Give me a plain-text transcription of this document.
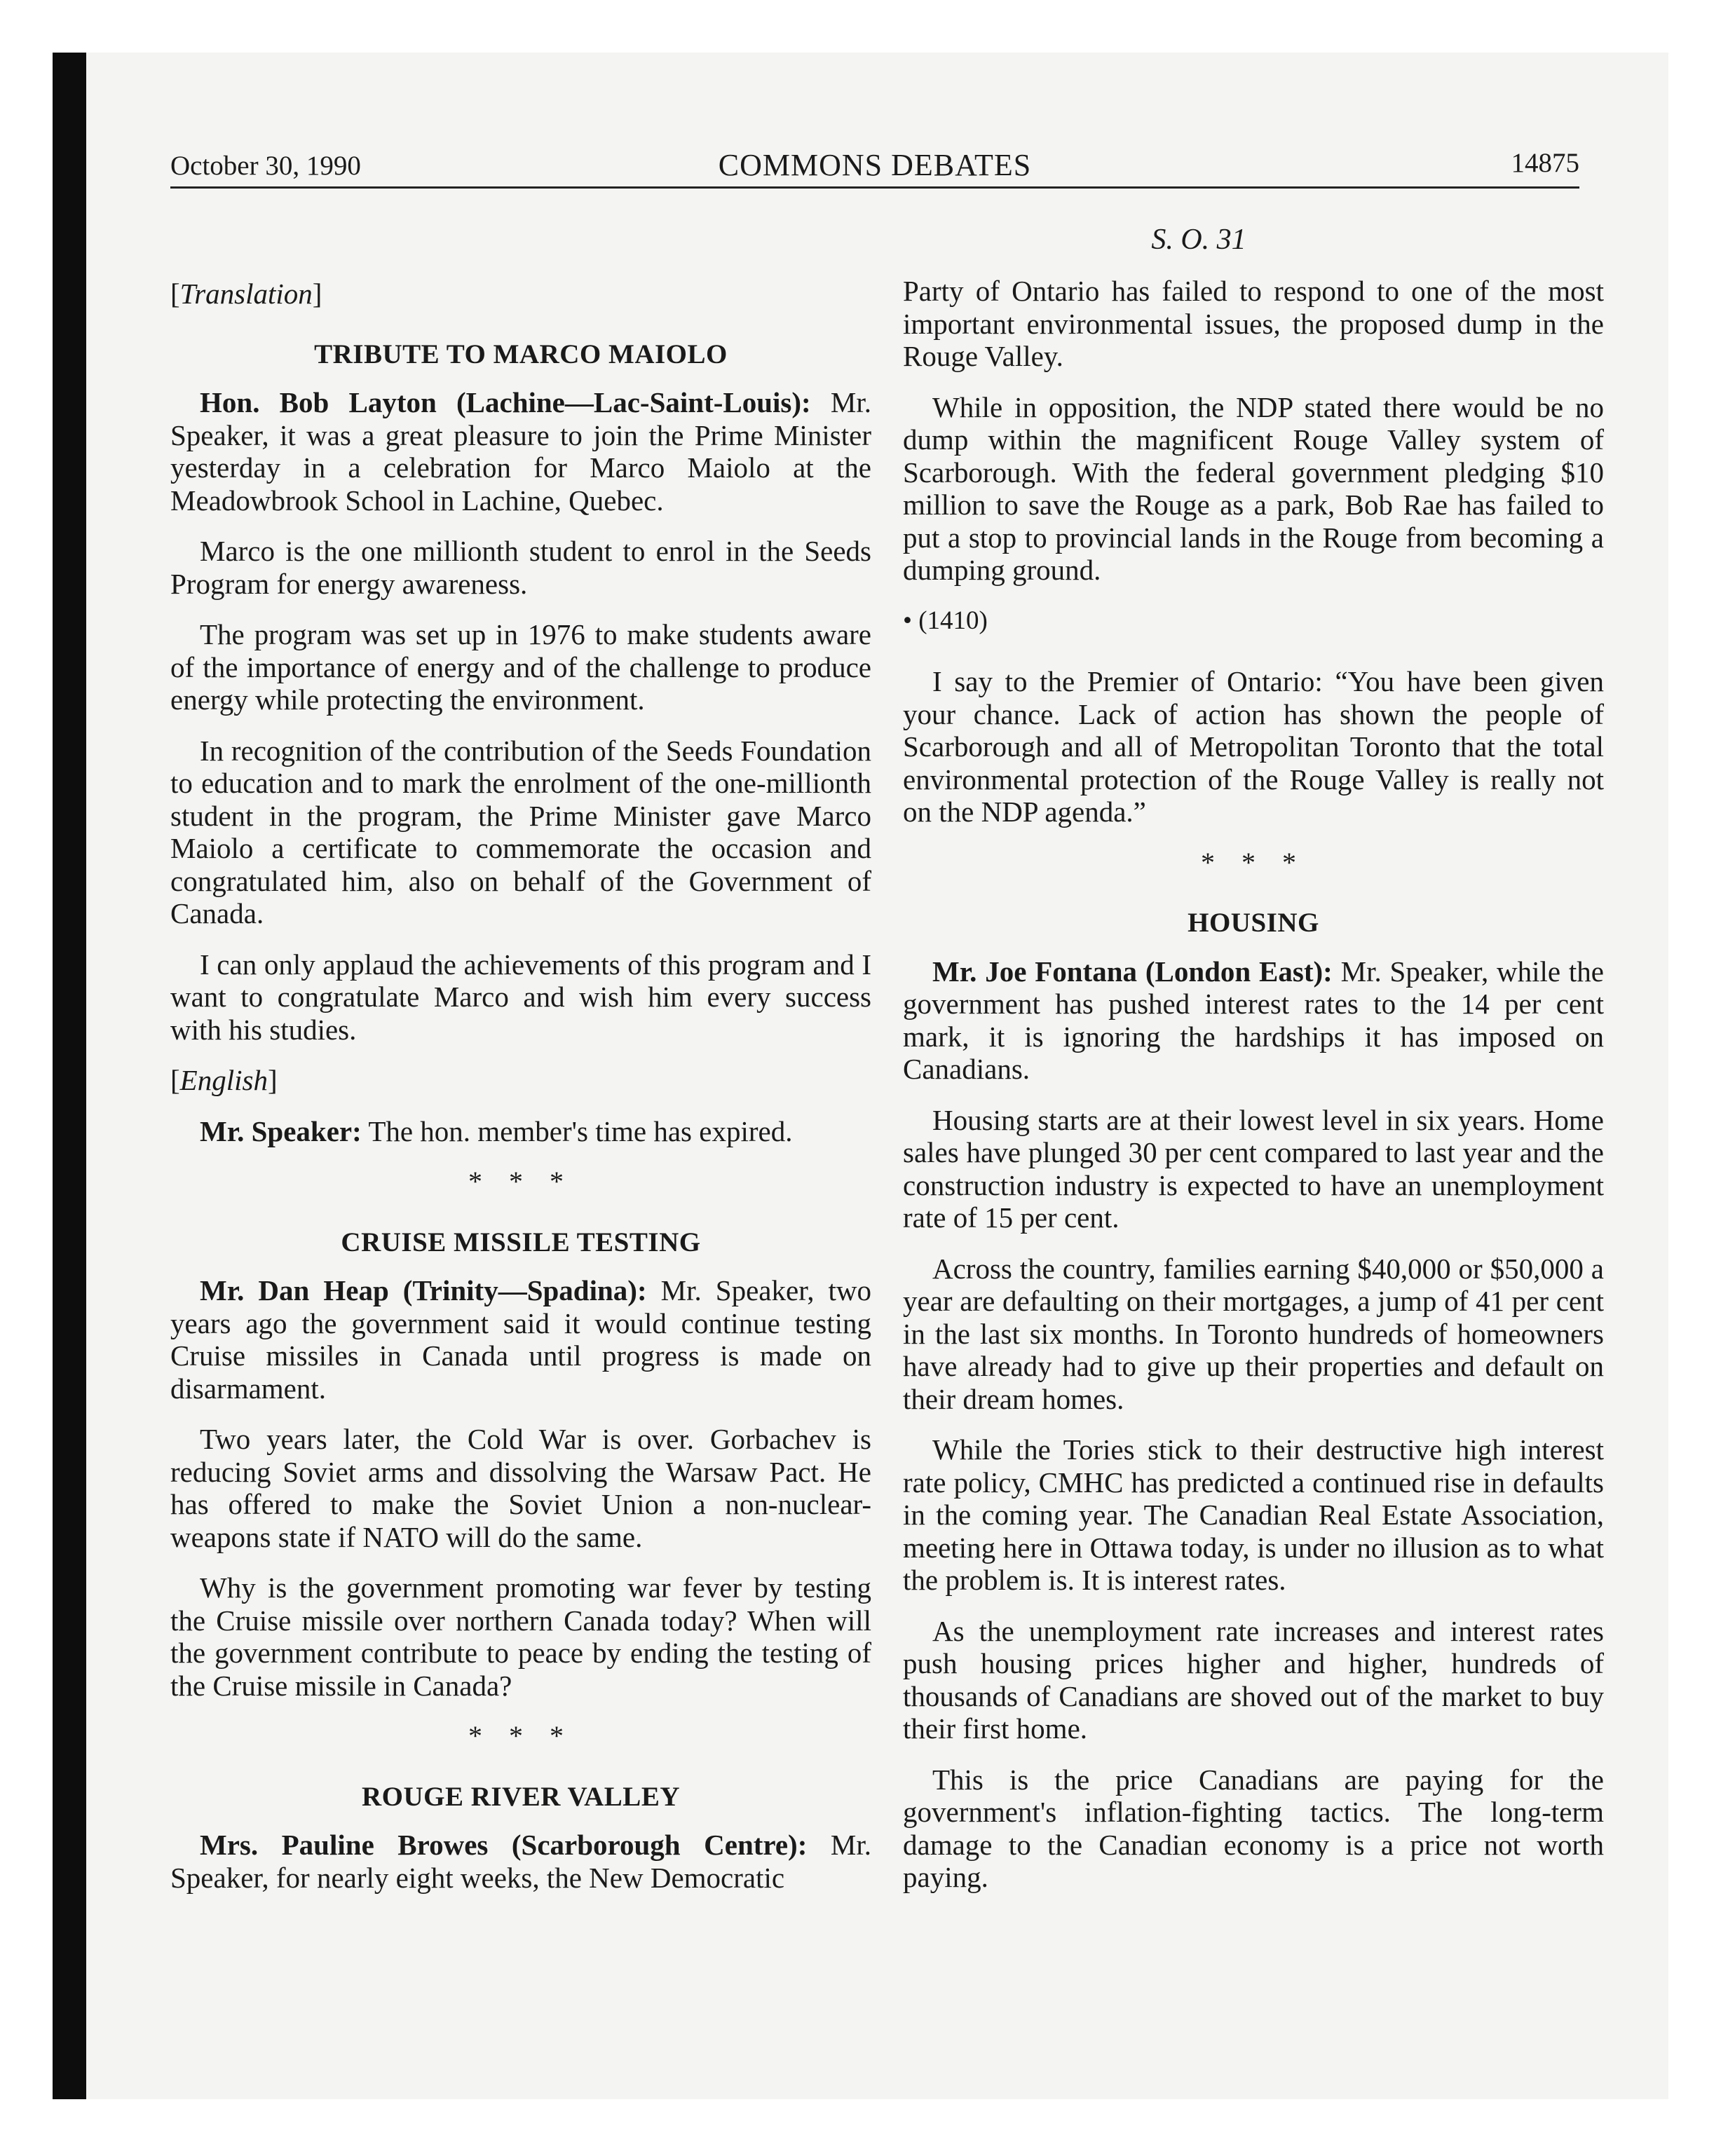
October 30, 1990	COMMONS DEBATES	14875
S. O. 31

[Translation]

TRIBUTE TO MARCO MAIOLO

Hon. Bob Layton (Lachine—Lac-Saint-Louis): Mr. Speaker, it was a great pleasure to join the Prime Minister yesterday in a celebration for Marco Maiolo at the Meadowbrook School in Lachine, Quebec.

Marco is the one millionth student to enrol in the Seeds Program for energy awareness.

The program was set up in 1976 to make students aware of the importance of energy and of the challenge to produce energy while protecting the environment.

In recognition of the contribution of the Seeds Foundation to education and to mark the enrolment of the one-millionth student in the program, the Prime Minister gave Marco Maiolo a certificate to commemorate the occasion and congratulated him, also on behalf of the Government of Canada.

I can only applaud the achievements of this program and I want to congratulate Marco and wish him every success with his studies.

[English]

Mr. Speaker: The hon. member's time has expired.

* * *
CRUISE MISSILE TESTING

Mr. Dan Heap (Trinity—Spadina): Mr. Speaker, two years ago the government said it would continue testing Cruise missiles in Canada until progress is made on disarmament.

Two years later, the Cold War is over. Gorbachev is reducing Soviet arms and dissolving the Warsaw Pact. He has offered to make the Soviet Union a non-nuclear-weapons state if NATO will do the same.

Why is the government promoting war fever by testing the Cruise missile over northern Canada today? When will the government contribute to peace by ending the testing of the Cruise missile in Canada?

* * *
ROUGE RIVER VALLEY

Mrs. Pauline Browes (Scarborough Centre): Mr. Speaker, for nearly eight weeks, the New Democratic

Party of Ontario has failed to respond to one of the most important environmental issues, the proposed dump in the Rouge Valley.

While in opposition, the NDP stated there would be no dump within the magnificent Rouge Valley system of Scarborough. With the federal government pledging $10 million to save the Rouge as a park, Bob Rae has failed to put a stop to provincial lands in the Rouge from becoming a dumping ground.

• (1410)

I say to the Premier of Ontario: “You have been given your chance. Lack of action has shown the people of Scarborough and all of Metropolitan Toronto that the total environmental protection of the Rouge Valley is really not on the NDP agenda.”

* * *
HOUSING

Mr. Joe Fontana (London East): Mr. Speaker, while the government has pushed interest rates to the 14 per cent mark, it is ignoring the hardships it has imposed on Canadians.

Housing starts are at their lowest level in six years. Home sales have plunged 30 per cent compared to last year and the construction industry is expected to have an unemployment rate of 15 per cent.

Across the country, families earning $40,000 or $50,000 a year are defaulting on their mortgages, a jump of 41 per cent in the last six months. In Toronto hundreds of homeowners have already had to give up their properties and default on their dream homes.

While the Tories stick to their destructive high interest rate policy, CMHC has predicted a continued rise in defaults in the coming year. The Canadian Real Estate Association, meeting here in Ottawa today, is under no illusion as to what the problem is. It is interest rates.

As the unemployment rate increases and interest rates push housing prices higher and higher, hundreds of thousands of Canadians are shoved out of the market to buy their first home.

This is the price Canadians are paying for the government's inflation-fighting tactics. The long-term damage to the Canadian economy is a price not worth paying.
